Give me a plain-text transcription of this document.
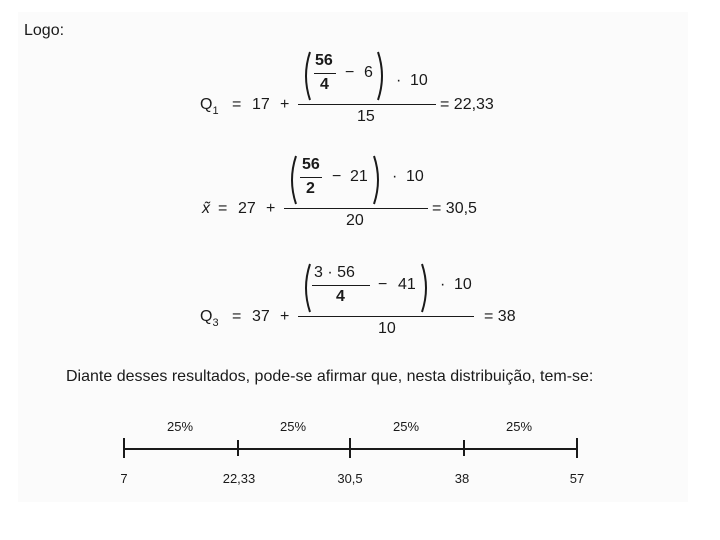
Logo:
$Q_1 = 17$ +
56
4
− 6 · 10
15
= 22,33
x̃ = 27 +
56
2
− 21 · 10
20
= 30,5
$Q_3 = 37$ +
3 · 56
4
− 41 · 10
10
= 38
Diante desses resultados, pode-se afirmar que, nesta distribuição, tem-se:
25%	25%	25%	25%
7	22,33	30,5	38	57
